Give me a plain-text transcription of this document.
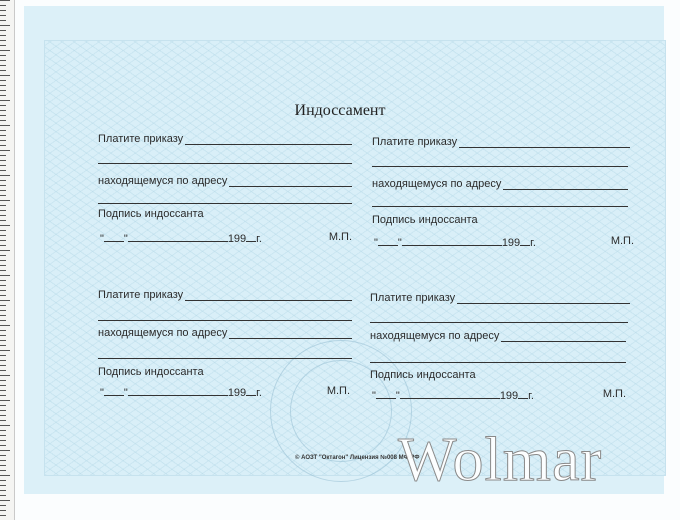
Индоссамент
Платите приказу
находящемуся по адресу
Подпись индоссанта
" "	199 г.	М.П.
Платите приказу
находящемуся по адресу
Подпись индоссанта
" "	199 г.	М.П.
Платите приказу
находящемуся по адресу
Подпись индоссанта
" "	199 г.	М.П.
Платите приказу
находящемуся по адресу
Подпись индоссанта
" "	199 г.	М.П.
© АОЗТ "Октагон" Лицензия №008 МФ РФ
Wolmar
